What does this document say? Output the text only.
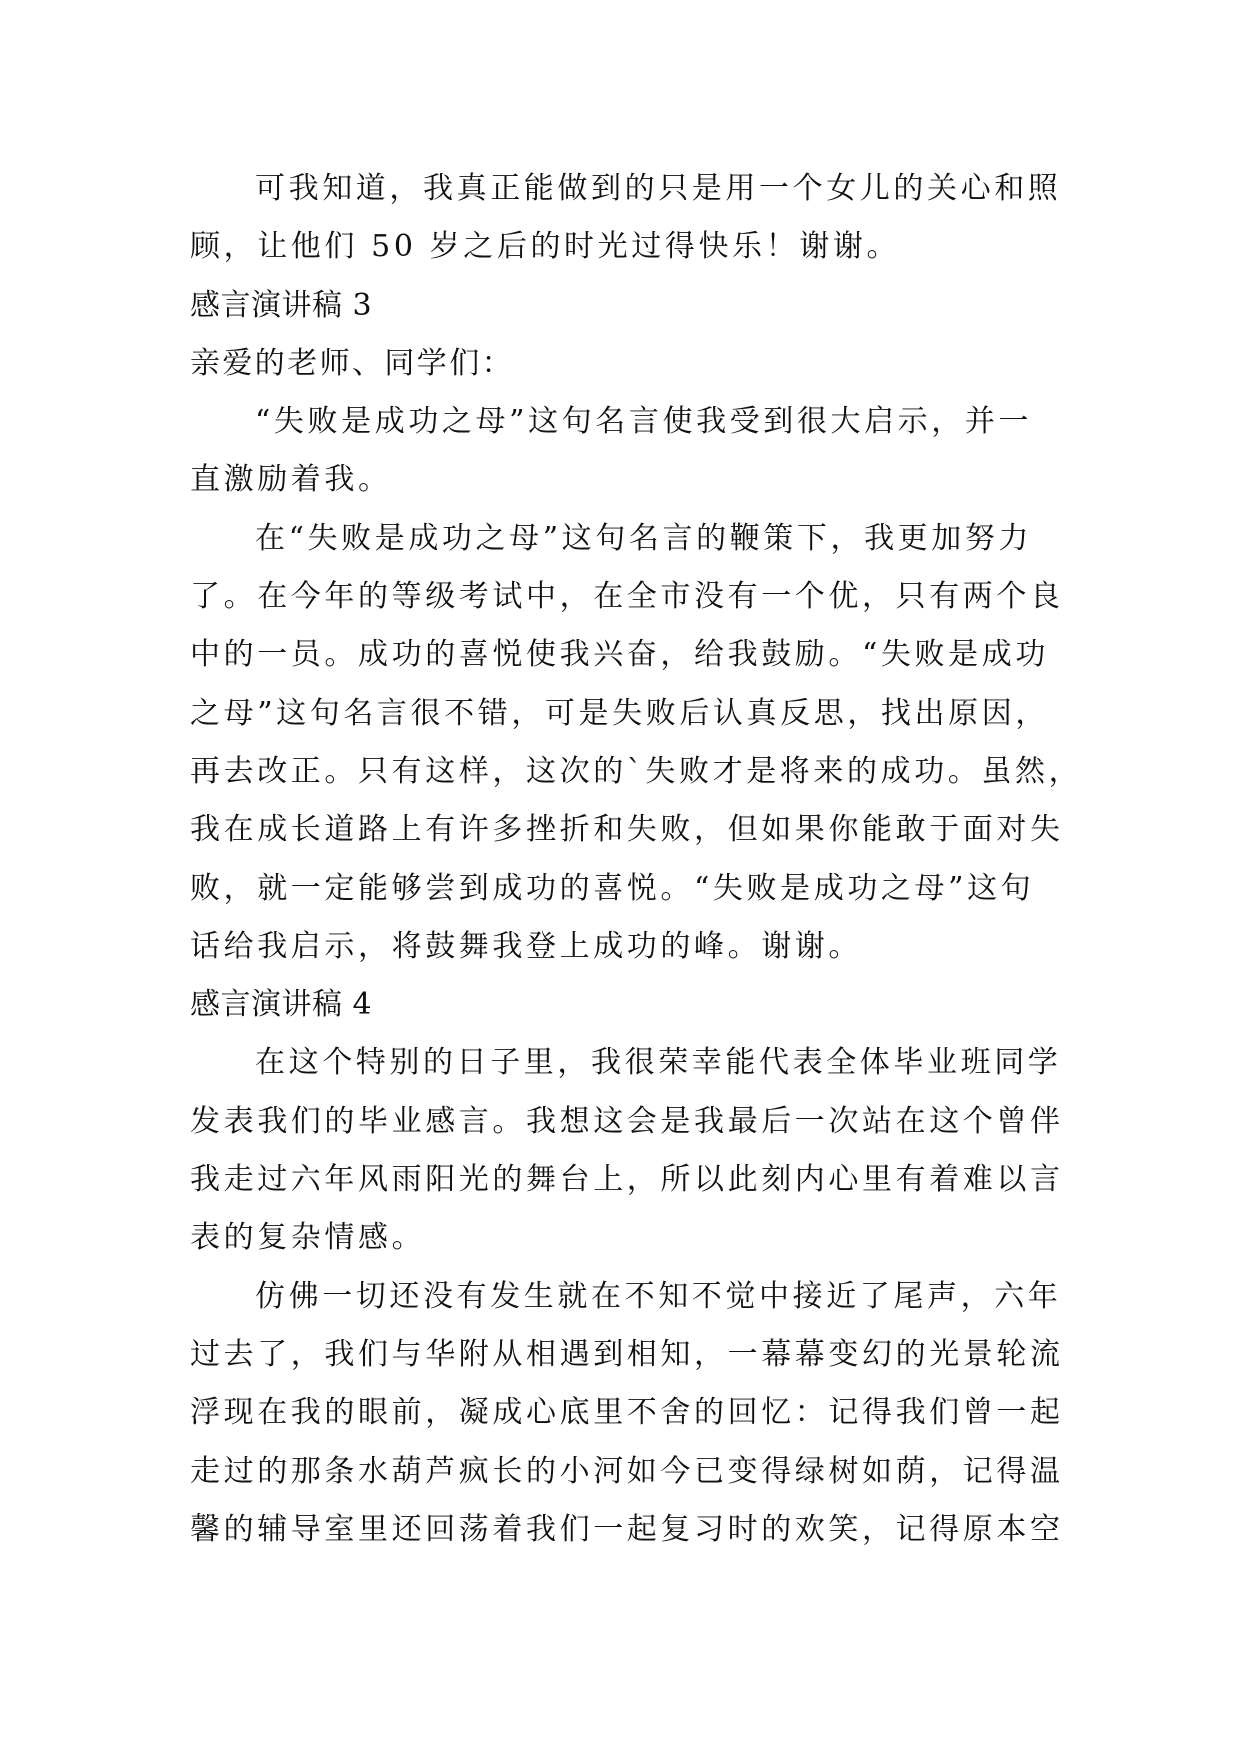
可我知道，我真正能做到的只是用一个女儿的关心和照
顾，让他们 50 岁之后的时光过得快乐！谢谢。
感言演讲稿 3
亲爱的老师、同学们：
“失败是成功之母”这句名言使我受到很大启示，并一
直激励着我。
在“失败是成功之母”这句名言的鞭策下，我更加努力
了。在今年的等级考试中，在全市没有一个优，只有两个良
中的一员。成功的喜悦使我兴奋，给我鼓励。“失败是成功
之母”这句名言很不错，可是失败后认真反思，找出原因，
再去改正。只有这样，这次的`失败才是将来的成功。虽然，
我在成长道路上有许多挫折和失败，但如果你能敢于面对失
败，就一定能够尝到成功的喜悦。“失败是成功之母”这句
话给我启示，将鼓舞我登上成功的峰。谢谢。
感言演讲稿 4
在这个特别的日子里，我很荣幸能代表全体毕业班同学
发表我们的毕业感言。我想这会是我最后一次站在这个曾伴
我走过六年风雨阳光的舞台上，所以此刻内心里有着难以言
表的复杂情感。
仿佛一切还没有发生就在不知不觉中接近了尾声，六年
过去了，我们与华附从相遇到相知，一幕幕变幻的光景轮流
浮现在我的眼前，凝成心底里不舍的回忆：记得我们曾一起
走过的那条水葫芦疯长的小河如今已变得绿树如荫，记得温
馨的辅导室里还回荡着我们一起复习时的欢笑，记得原本空
